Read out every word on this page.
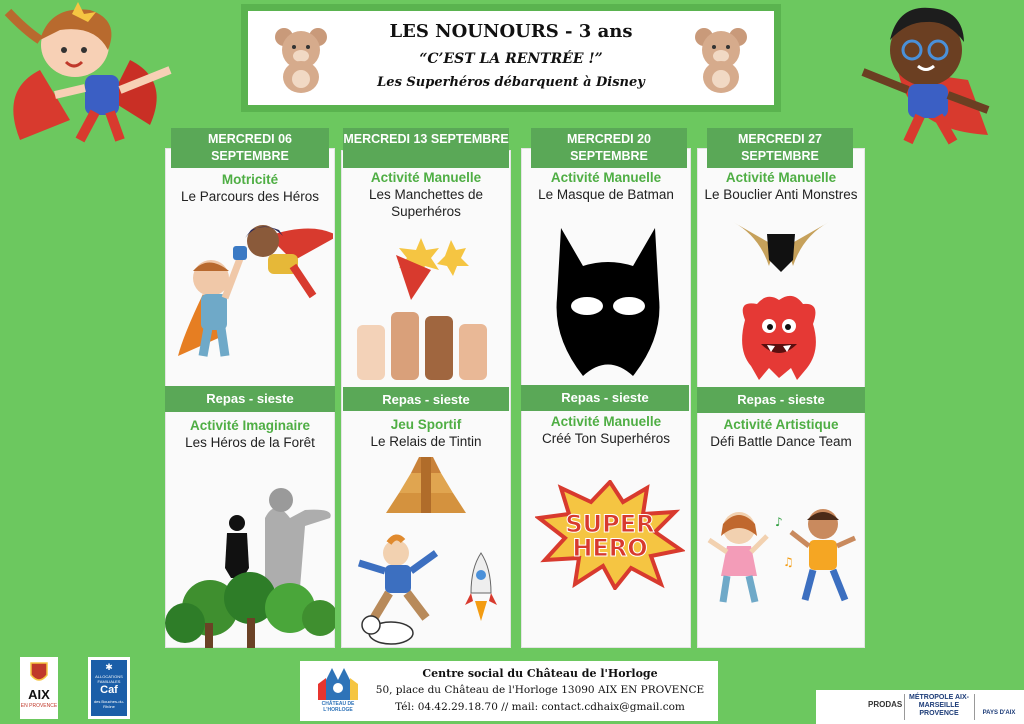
LES NOUNOURS - 3 ans
“C’EST LA RENTRÉE !”
Les Superhéros débarquent à Disney
MERCREDI 06 SEPTEMBRE
Motricité
Le Parcours des Héros
Repas - sieste
Activité Imaginaire
Les Héros de la Forêt
MERCREDI 13 SEPTEMBRE
Activité Manuelle
Les Manchettes de Superhéros
Repas - sieste
Jeu Sportif
Le Relais de Tintin
MERCREDI 20 SEPTEMBRE
Activité Manuelle
Le Masque de Batman
Repas - sieste
Activité Manuelle
Créé Ton Superhéros
SUPER HERO
MERCREDI 27 SEPTEMBRE
Activité Manuelle
Le Bouclier Anti Monstres
Repas - sieste
Activité Artistique
Défi Battle Dance Team
♪
♫
AIX
EN PROVENCE
✱
ALLOCATIONS FAMILIALES
Caf
des Bouches-du-Rhône	CHÂTEAU DE L'HORLOGE
Centre social du Château de l'Horloge
50, place du Château de l'Horloge 13090 AIX EN PROVENCE
Tél: 04.42.29.18.70 // mail: contact.cdhaix@gmail.com	PRODAS
MÉTROPOLE AIX-MARSEILLE PROVENCE	PAYS D'AIX
